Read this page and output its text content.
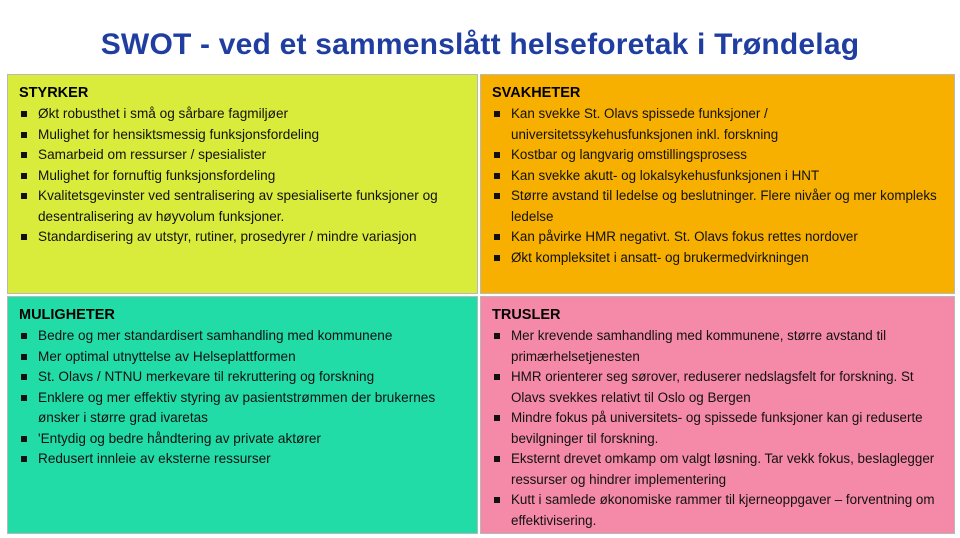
SWOT - ved et sammenslått helseforetak i Trøndelag
STYRKER
Økt robusthet i små og sårbare fagmiljøer
Mulighet for hensiktsmessig funksjonsfordeling
Samarbeid om ressurser / spesialister
Mulighet for fornuftig funksjonsfordeling
Kvalitetsgevinster ved sentralisering av spesialiserte funksjoner og desentralisering av høyvolum funksjoner.
Standardisering av utstyr, rutiner, prosedyrer / mindre variasjon
SVAKHETER
Kan svekke St. Olavs spissede funksjoner / universitetssykehusfunksjonen inkl. forskning
Kostbar og langvarig omstillingsprosess
Kan svekke akutt- og lokalsykehusfunksjonen i HNT
Større avstand til ledelse og beslutninger. Flere nivåer og mer kompleks ledelse
Kan påvirke HMR negativt. St. Olavs fokus rettes nordover
Økt kompleksitet i ansatt- og brukermedvirkningen
MULIGHETER
Bedre og mer standardisert samhandling med kommunene
Mer optimal utnyttelse av Helseplattformen
St. Olavs / NTNU merkevare til rekruttering og forskning
Enklere og mer effektiv styring av pasientstrømmen der brukernes ønsker i større grad ivaretas
'Entydig og bedre håndtering av private aktører
Redusert innleie av eksterne ressurser
TRUSLER
Mer krevende samhandling med kommunene, større avstand til primærhelsetjenesten
HMR orienterer seg sørover, reduserer nedslagsfelt for forskning. St Olavs svekkes relativt til Oslo og Bergen
Mindre fokus på universitets- og spissede funksjoner kan gi reduserte bevilgninger til forskning.
Eksternt drevet omkamp om valgt løsning. Tar vekk fokus, beslaglegger ressurser og hindrer implementering
Kutt i samlede økonomiske rammer til kjerneoppgaver – forventning om effektivisering.
